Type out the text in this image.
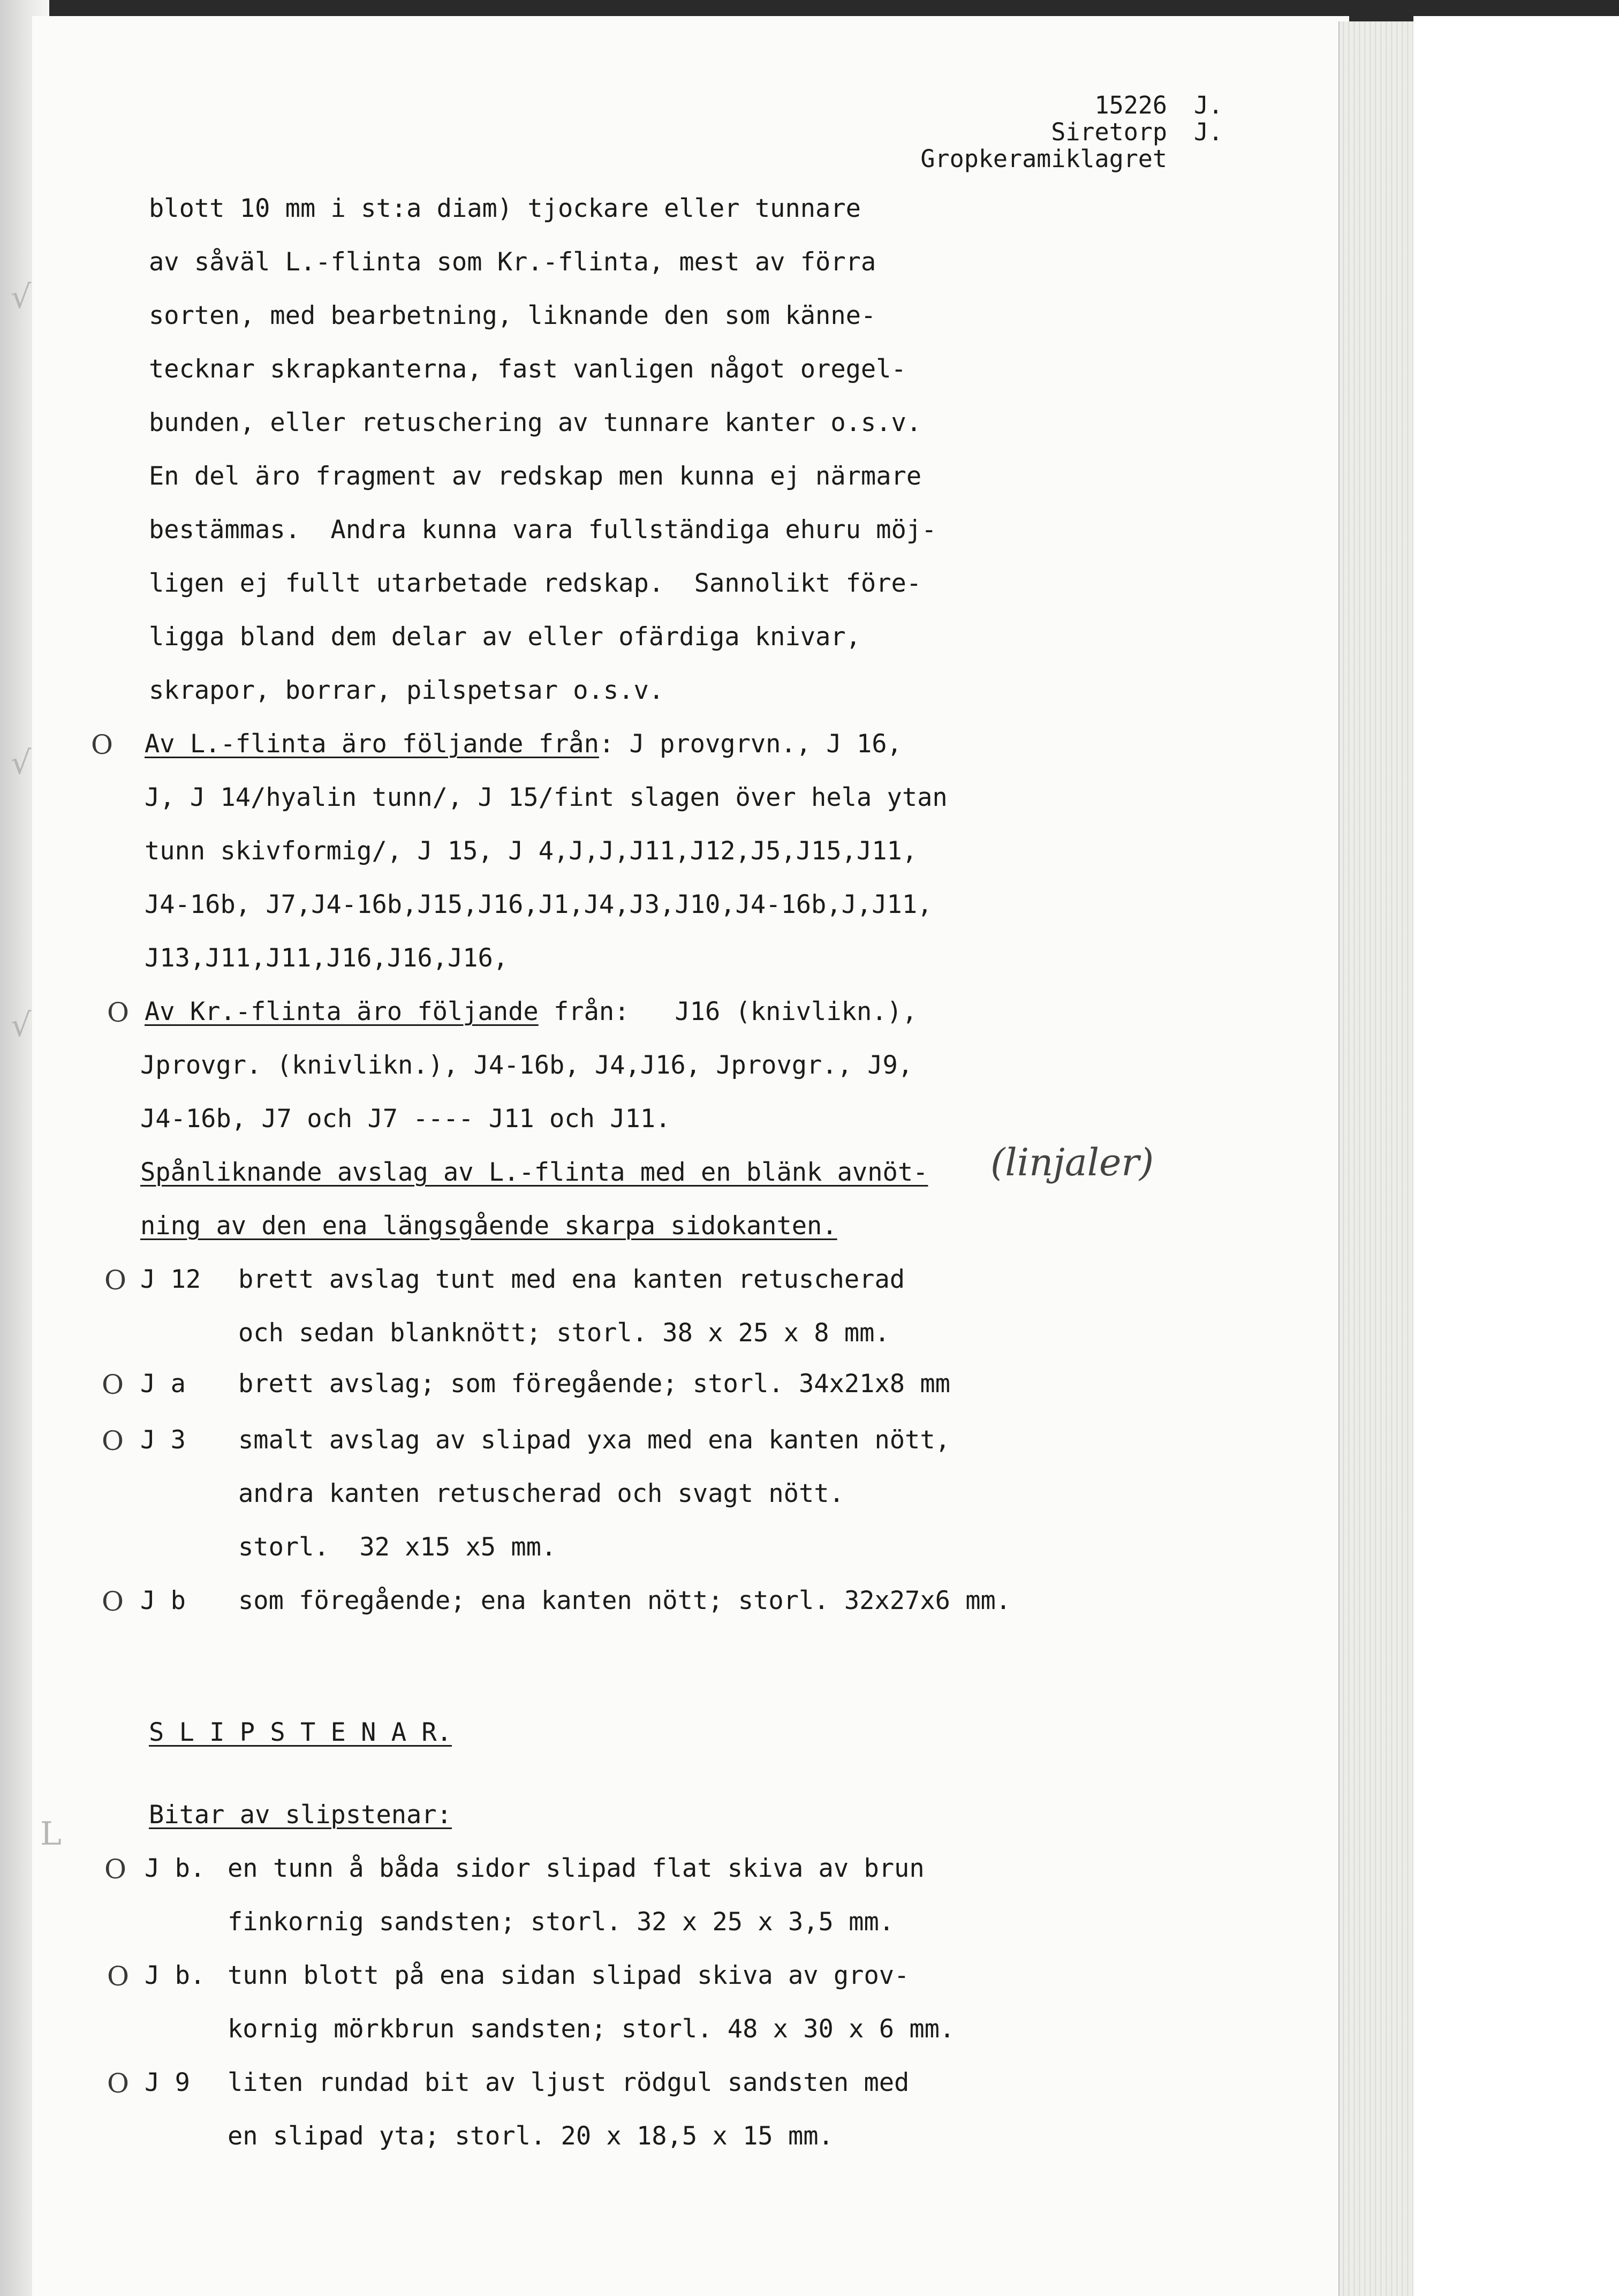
√
√
√
L
15226 J.
Siretorp J.
Gropkeramiklagret
blott 10 mm i st:a diam) tjockare eller tunnare
av såväl L.-flinta som Kr.-flinta, mest av förra
sorten, med bearbetning, liknande den som känne-
tecknar skrapkanterna, fast vanligen något oregel-
bunden, eller retuschering av tunnare kanter o.s.v.
En del äro fragment av redskap men kunna ej närmare
bestämmas.  Andra kunna vara fullständiga ehuru möj-
ligen ej fullt utarbetade redskap.  Sannolikt före-
ligga bland dem delar av eller ofärdiga knivar,
skrapor, borrar, pilspetsar o.s.v.
O Av L.-flinta äro följande från: J provgrvn., J 16,
J, J 14/hyalin tunn/, J 15/fint slagen över hela ytan
tunn skivformig/, J 15, J 4,J,J,J11,J12,J5,J15,J11,
J4-16b, J7,J4-16b,J15,J16,J1,J4,J3,J10,J4-16b,J,J11,
J13,J11,J11,J16,J16,J16,
O Av Kr.-flinta äro följande från:   J16 (knivlikn.),
Jprovgr. (knivlikn.), J4-16b, J4,J16, Jprovgr., J9,
J4-16b, J7 och J7 ---- J11 och J11.
Spånliknande avslag av L.-flinta med en blänk avnöt-
ning av den ena längsgående skarpa sidokanten.
(linjaler)
O J 12 brett avslag tunt med ena kanten retuscherad
och sedan blanknött; storl. 38 x 25 x 8 mm.
O J a brett avslag; som föregående; storl. 34x21x8 mm
O J 3 smalt avslag av slipad yxa med ena kanten nött,
andra kanten retuscherad och svagt nött.
storl.  32 x15 x5 mm.
O J b som föregående; ena kanten nött; storl. 32x27x6 mm.
S L I P S T E N A R.
Bitar av slipstenar:
O J b. en tunn å båda sidor slipad flat skiva av brun
finkornig sandsten; storl. 32 x 25 x 3,5 mm.
O J b. tunn blott på ena sidan slipad skiva av grov-
kornig mörkbrun sandsten; storl. 48 x 30 x 6 mm.
O J 9 liten rundad bit av ljust rödgul sandsten med
en slipad yta; storl. 20 x 18,5 x 15 mm.
